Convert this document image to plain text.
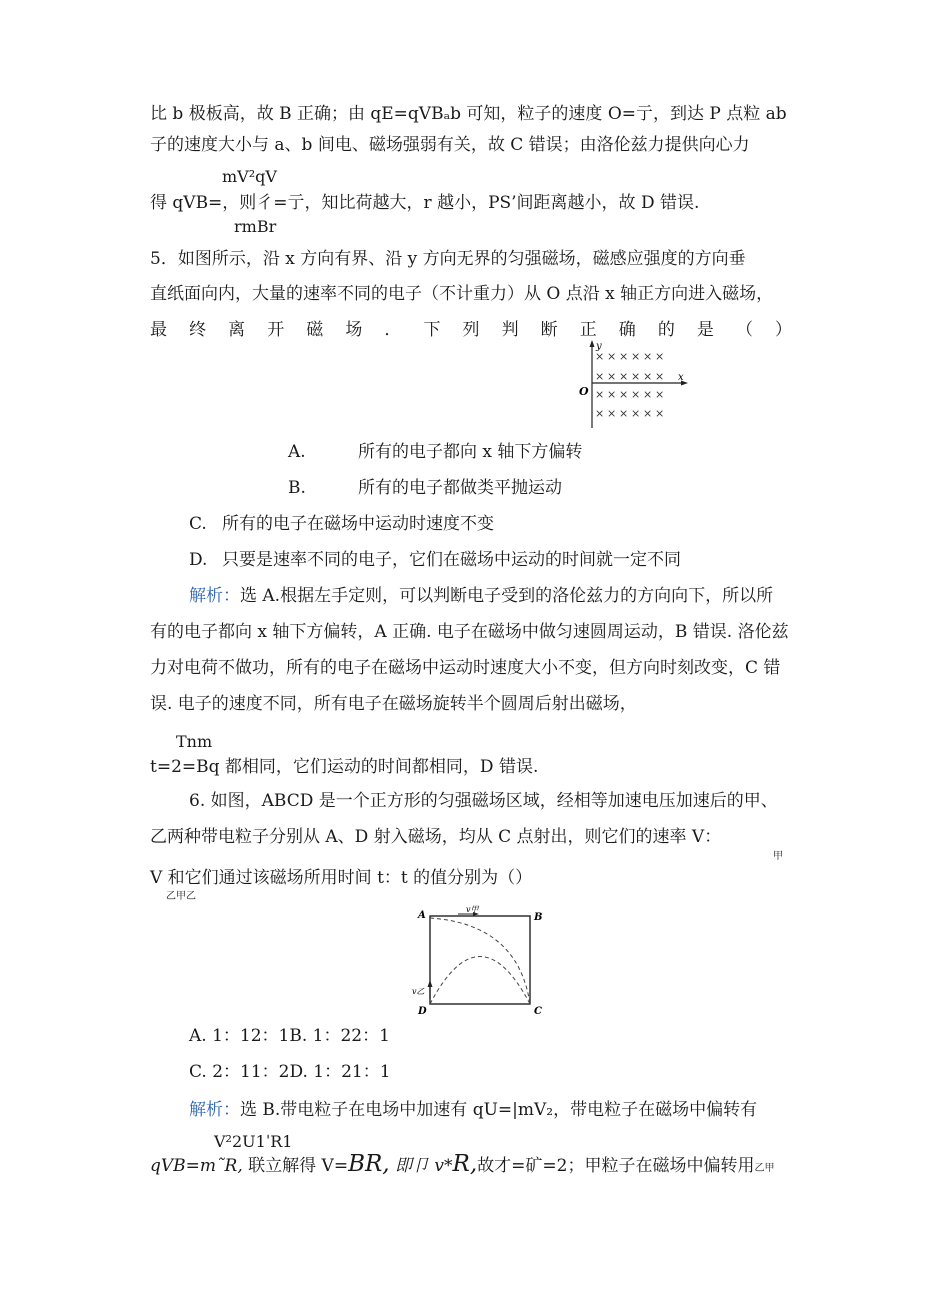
比 b 极板高，故 B 正确；由 qE=qVBₐb 可知，粒子的速度 O=亍，到达 P 点粒 ab
子的速度大小与 a、b 间电、磁场强弱有关，故 C 错误；由洛伦兹力提供向心力
mV²qV
得 qVB=，则彳=亍，知比荷越大，r 越小，PS’间距离越小，故 D 错误.
rmBr
5．如图所示，沿 x 方向有界、沿 y 方向无界的匀强磁场，磁感应强度的方向垂
直纸面向内，大量的速率不同的电子（不计重力）从 O 点沿 x 轴正方向进入磁场，
最 终 离 开 磁 场 ． 下 列 判 断 正 确 的 是 （ ）
y
x
O
× × × × × ×
× × × × × ×
× × × × × ×
× × × × × ×
A.	所有的电子都向 x 轴下方偏转
B.	所有的电子都做类平抛运动
C. 所有的电子在磁场中运动时速度不变
D. 只要是速率不同的电子，它们在磁场中运动的时间就一定不同
解析：选 A.根据左手定则，可以判断电子受到的洛伦兹力的方向向下，所以所
有的电子都向 x 轴下方偏转，A 正确. 电子在磁场中做匀速圆周运动，B 错误. 洛伦兹
力对电荷不做功，所有的电子在磁场中运动时速度大小不变，但方向时刻改变，C 错
误. 电子的速度不同，所有电子在磁场旋转半个圆周后射出磁场，
Tnm
t=2=Bq 都相同，它们运动的时间都相同，D 错误.
6. 如图，ABCD 是一个正方形的匀强磁场区域，经相等加速电压加速后的甲、
乙两种带电粒子分别从 A、D 射入磁场，均从 C 点射出，则它们的速率 V：
甲
V 和它们通过该磁场所用时间 t：t 的值分别为（）
乙甲乙
A	B
C
D
v甲
v乙
A. 1：12：1B. 1：22：1
C. 2：11：2D. 1：21：1
解析：选 B.带电粒子在电场中加速有 qU=|mV₂，带电粒子在磁场中偏转有
V²2U1ˈR1
qVB=m˜R, 联立解得 V=BR, 即卩 v*R,故才=矿=2；甲粒子在磁场中偏转用乙甲
